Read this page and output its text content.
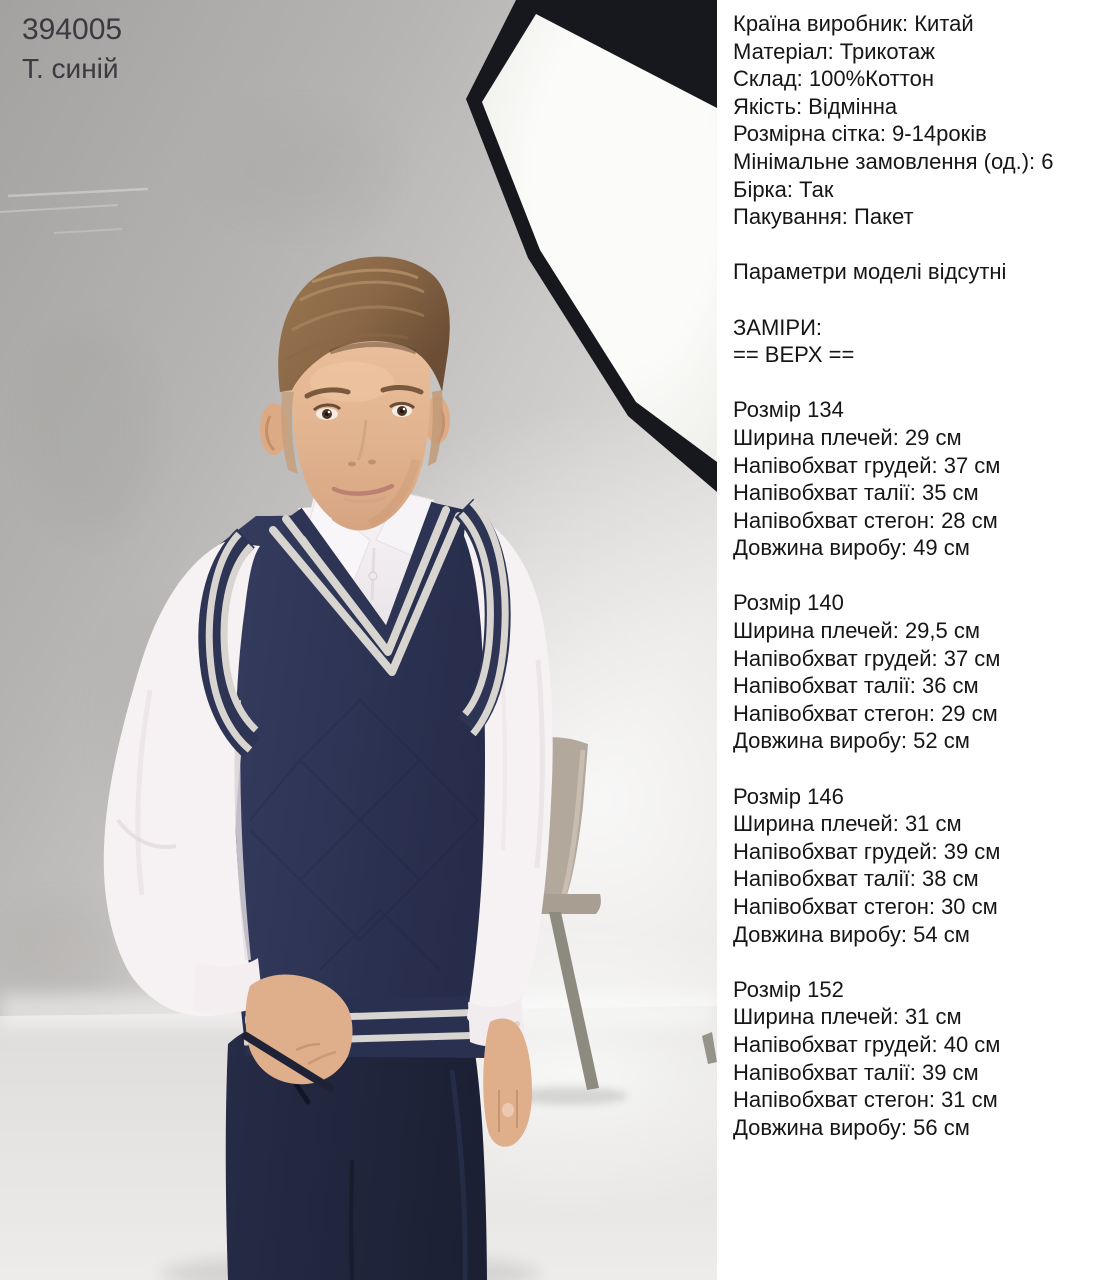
394005
Т. синій
Країна виробник: Китай
Матеріал: Трикотаж
Склад: 100%Коттон
Якість: Відмінна
Розмірна сітка: 9-14років
Мінімальне замовлення (од.): 6
Бірка: Так
Пакування: Пакет
Параметри моделі відсутні
ЗАМІРИ:
== ВЕРХ ==
Розмір 134
Ширина плечей: 29 см
Напівобхват грудей: 37 см
Напівобхват талії: 35 см
Напівобхват стегон: 28 см
Довжина виробу: 49 см
Розмір 140
Ширина плечей: 29,5 см
Напівобхват грудей: 37 см
Напівобхват талії: 36 см
Напівобхват стегон: 29 см
Довжина виробу: 52 см
Розмір 146
Ширина плечей: 31 см
Напівобхват грудей: 39 см
Напівобхват талії: 38 см
Напівобхват стегон: 30 см
Довжина виробу: 54 см
Розмір 152
Ширина плечей: 31 см
Напівобхват грудей: 40 см
Напівобхват талії: 39 см
Напівобхват стегон: 31 см
Довжина виробу: 56 см
